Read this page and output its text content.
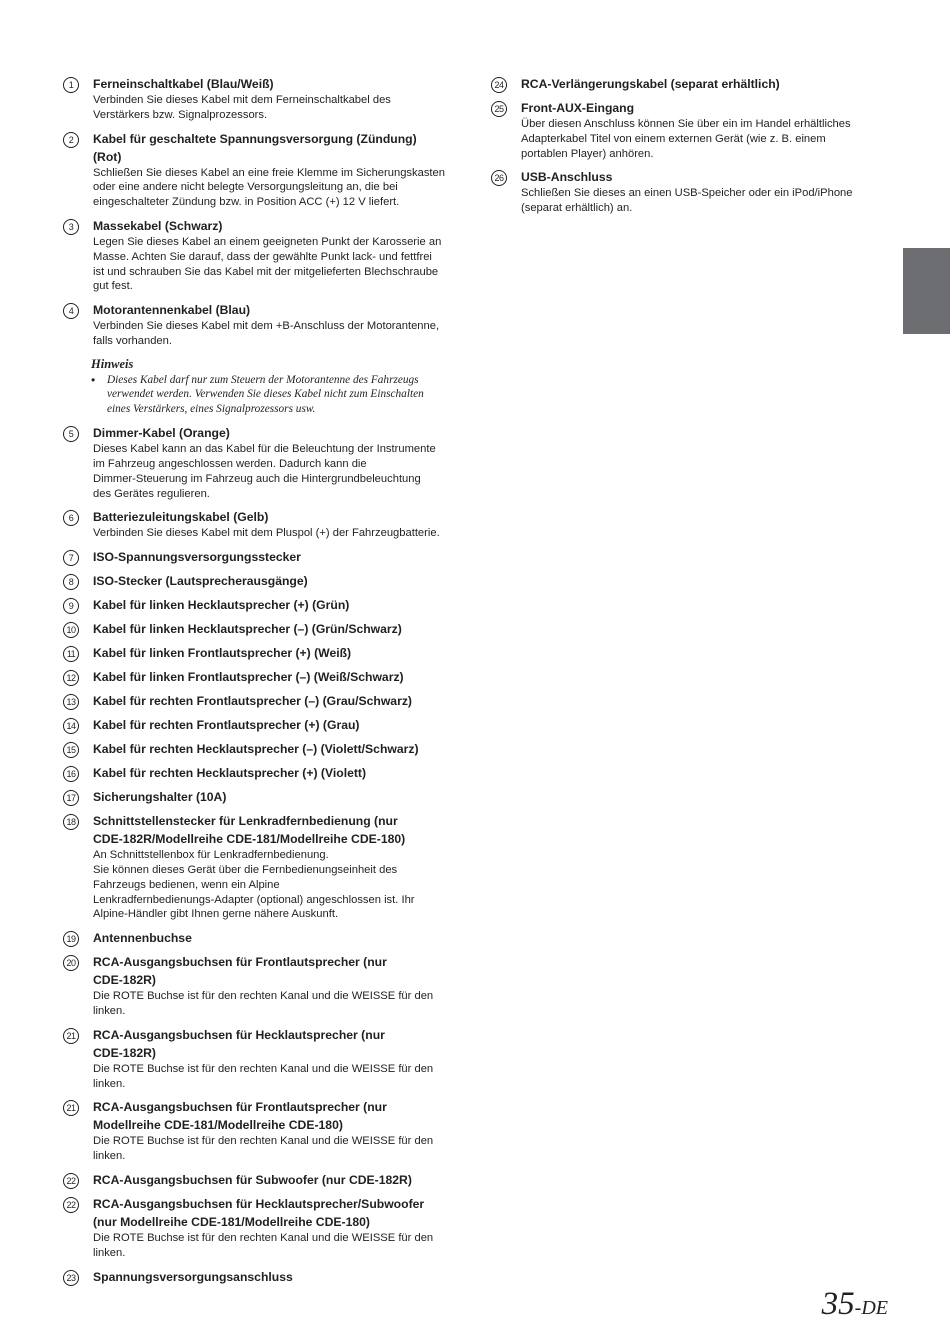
1	Ferneinschaltkabel (Blau/Weiß)
Verbinden Sie dieses Kabel mit dem Ferneinschaltkabel des
Verstärkers bzw. Signalprozessors.
2	Kabel für geschaltete Spannungsversorgung (Zündung)
(Rot)
Schließen Sie dieses Kabel an eine freie Klemme im Sicherungskasten
oder eine andere nicht belegte Versorgungsleitung an, die bei
eingeschalteter Zündung bzw. in Position ACC (+) 12 V liefert.
3	Massekabel (Schwarz)
Legen Sie dieses Kabel an einem geeigneten Punkt der Karosserie an
Masse. Achten Sie darauf, dass der gewählte Punkt lack- und fettfrei
ist und schrauben Sie das Kabel mit der mitgelieferten Blechschraube
gut fest.
4	Motorantennenkabel (Blau)
Verbinden Sie dieses Kabel mit dem +B-Anschluss der Motorantenne,
falls vorhanden.
Hinweis
•	Dieses Kabel darf nur zum Steuern der Motorantenne des Fahrzeugs
verwendet werden. Verwenden Sie dieses Kabel nicht zum Einschalten
eines Verstärkers, eines Signalprozessors usw.
5	Dimmer-Kabel (Orange)
Dieses Kabel kann an das Kabel für die Beleuchtung der Instrumente
im Fahrzeug angeschlossen werden. Dadurch kann die
Dimmer-Steuerung im Fahrzeug auch die Hintergrundbeleuchtung
des Gerätes regulieren.
6	Batteriezuleitungskabel (Gelb)
Verbinden Sie dieses Kabel mit dem Pluspol (+) der Fahrzeugbatterie.
7	ISO-Spannungsversorgungsstecker
8	ISO-Stecker (Lautsprecherausgänge)
9	Kabel für linken Hecklautsprecher (+) (Grün)
10 Kabel für linken Hecklautsprecher (–) (Grün/Schwarz)
11	Kabel für linken Frontlautsprecher (+) (Weiß)
12 Kabel für linken Frontlautsprecher (–) (Weiß/Schwarz)
13 Kabel für rechten Frontlautsprecher (–) (Grau/Schwarz)
14 Kabel für rechten Frontlautsprecher (+) (Grau)
15 Kabel für rechten Hecklautsprecher (–) (Violett/Schwarz)
16 Kabel für rechten Hecklautsprecher (+) (Violett)
17 Sicherungshalter (10A)
18 Schnittstellenstecker für Lenkradfernbedienung (nur
CDE-182R/Modellreihe CDE-181/Modellreihe CDE-180)
An Schnittstellenbox für Lenkradfernbedienung.
Sie können dieses Gerät über die Fernbedienungseinheit des
Fahrzeugs bedienen, wenn ein Alpine
Lenkradfernbedienungs-Adapter (optional) angeschlossen ist. Ihr
Alpine-Händler gibt Ihnen gerne nähere Auskunft.
19 Antennenbuchse
20 RCA-Ausgangsbuchsen für Frontlautsprecher (nur
CDE-182R)
Die ROTE Buchse ist für den rechten Kanal und die WEISSE für den
linken.
21 RCA-Ausgangsbuchsen für Hecklautsprecher (nur
CDE-182R)
Die ROTE Buchse ist für den rechten Kanal und die WEISSE für den
linken.
21 RCA-Ausgangsbuchsen für Frontlautsprecher (nur
Modellreihe CDE-181/Modellreihe CDE-180)
Die ROTE Buchse ist für den rechten Kanal und die WEISSE für den
linken.
22 RCA-Ausgangsbuchsen für Subwoofer (nur CDE-182R)
22 RCA-Ausgangsbuchsen für Hecklautsprecher/Subwoofer
(nur Modellreihe CDE-181/Modellreihe CDE-180)
Die ROTE Buchse ist für den rechten Kanal und die WEISSE für den
linken.
23 Spannungsversorgungsanschluss
24 RCA-Verlängerungskabel (separat erhältlich)
25 Front-AUX-Eingang
Über diesen Anschluss können Sie über ein im Handel erhältliches
Adapterkabel Titel von einem externen Gerät (wie z. B. einem
portablen Player) anhören.
26 USB-Anschluss
Schließen Sie dieses an einen USB-Speicher oder ein iPod/iPhone
(separat erhältlich) an.
35-DE
